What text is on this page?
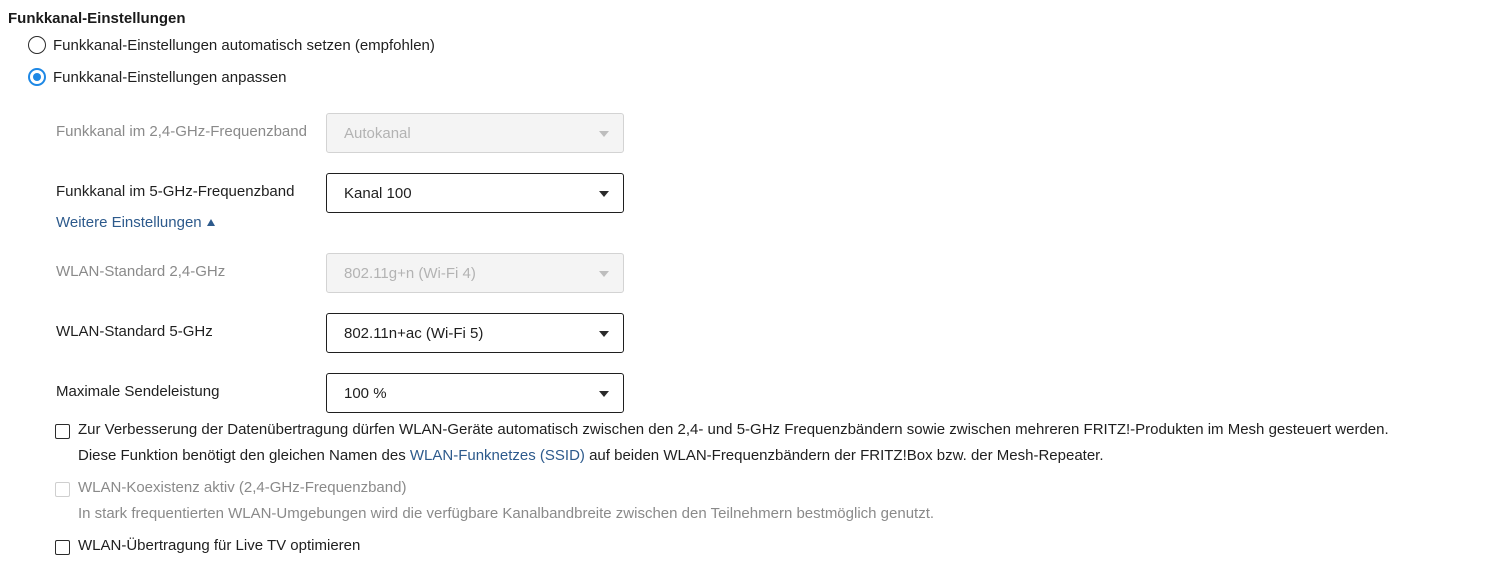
Funkkanal-Einstellungen
Funkkanal-Einstellungen automatisch setzen (empfohlen)
Funkkanal-Einstellungen anpassen
Funkkanal im 2,4-GHz-Frequenzband Autokanal
Funkkanal im 5-GHz-Frequenzband	Kanal 100
Weitere Einstellungen
WLAN-Standard 2,4-GHz	802.11g+n (Wi-Fi 4)
WLAN-Standard 5-GHz	802.11n+ac (Wi-Fi 5)
Maximale Sendeleistung	100 %
Zur Verbesserung der Datenübertragung dürfen WLAN-Geräte automatisch zwischen den 2,4- und 5-GHz Frequenzbändern sowie zwischen mehreren FRITZ!-Produkten im Mesh gesteuert werden.
Diese Funktion benötigt den gleichen Namen des WLAN-Funknetzes (SSID) auf beiden WLAN-Frequenzbändern der FRITZ!Box bzw. der Mesh-Repeater.
WLAN-Koexistenz aktiv (2,4-GHz-Frequenzband)
In stark frequentierten WLAN-Umgebungen wird die verfügbare Kanalbandbreite zwischen den Teilnehmern bestmöglich genutzt.
WLAN-Übertragung für Live TV optimieren
